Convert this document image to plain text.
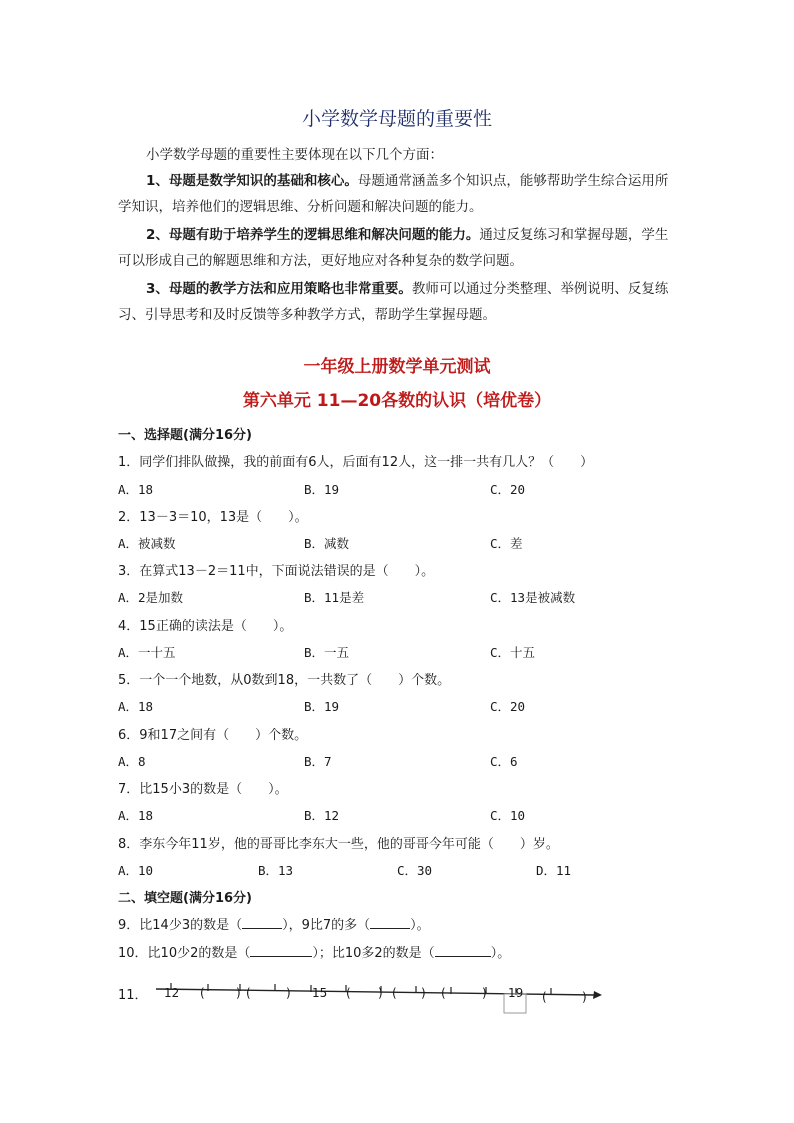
小学数学母题的重要性
小学数学母题的重要性主要体现在以下几个方面：
1、母题是数学知识的基础和核心。母题通常涵盖多个知识点，能够帮助学生综合运用所学知识，培养他们的逻辑思维、分析问题和解决问题的能力。
2、母题有助于培养学生的逻辑思维和解决问题的能力。通过反复练习和掌握母题，学生可以形成自己的解题思维和方法，更好地应对各种复杂的数学问题。
3、母题的教学方法和应用策略也非常重要。教师可以通过分类整理、举例说明、反复练习、引导思考和及时反馈等多种教学方式，帮助学生掌握母题。
一年级上册数学单元测试
第六单元 11—20各数的认识（培优卷）
一、选择题(满分16分)
1．同学们排队做操，我的前面有6人，后面有12人，这一排一共有几人？（　　）
A．18	B．19	C．20
2．13－3＝10，13是（　　）。
A．被减数	B．减数	C．差
3．在算式13－2＝11中，下面说法错误的是（　　）。
A．2是加数	B．11是差	C．13是被减数
4．15正确的读法是（　　）。
A．一十五	B．一五	C．十五
5．一个一个地数，从0数到18，一共数了（　　）个数。
A．18	B．19	C．20
6．9和17之间有（　　）个数。
A．8	B．7	C．6
7．比15小3的数是（　　）。
A．18	B．12	C．10
8．李东今年11岁，他的哥哥比李东大一些，他的哥哥今年可能（　　）岁。
A．10	B．13	C．30	D．11
二、填空题(满分16分)
9．比14少3的数是（	），9比7的多（	）。
10．比10少2的数是（	）；比10多2的数是（	）。
11． 12 (	) (	) 15 ( ) ( ) (	) 19 (	)
